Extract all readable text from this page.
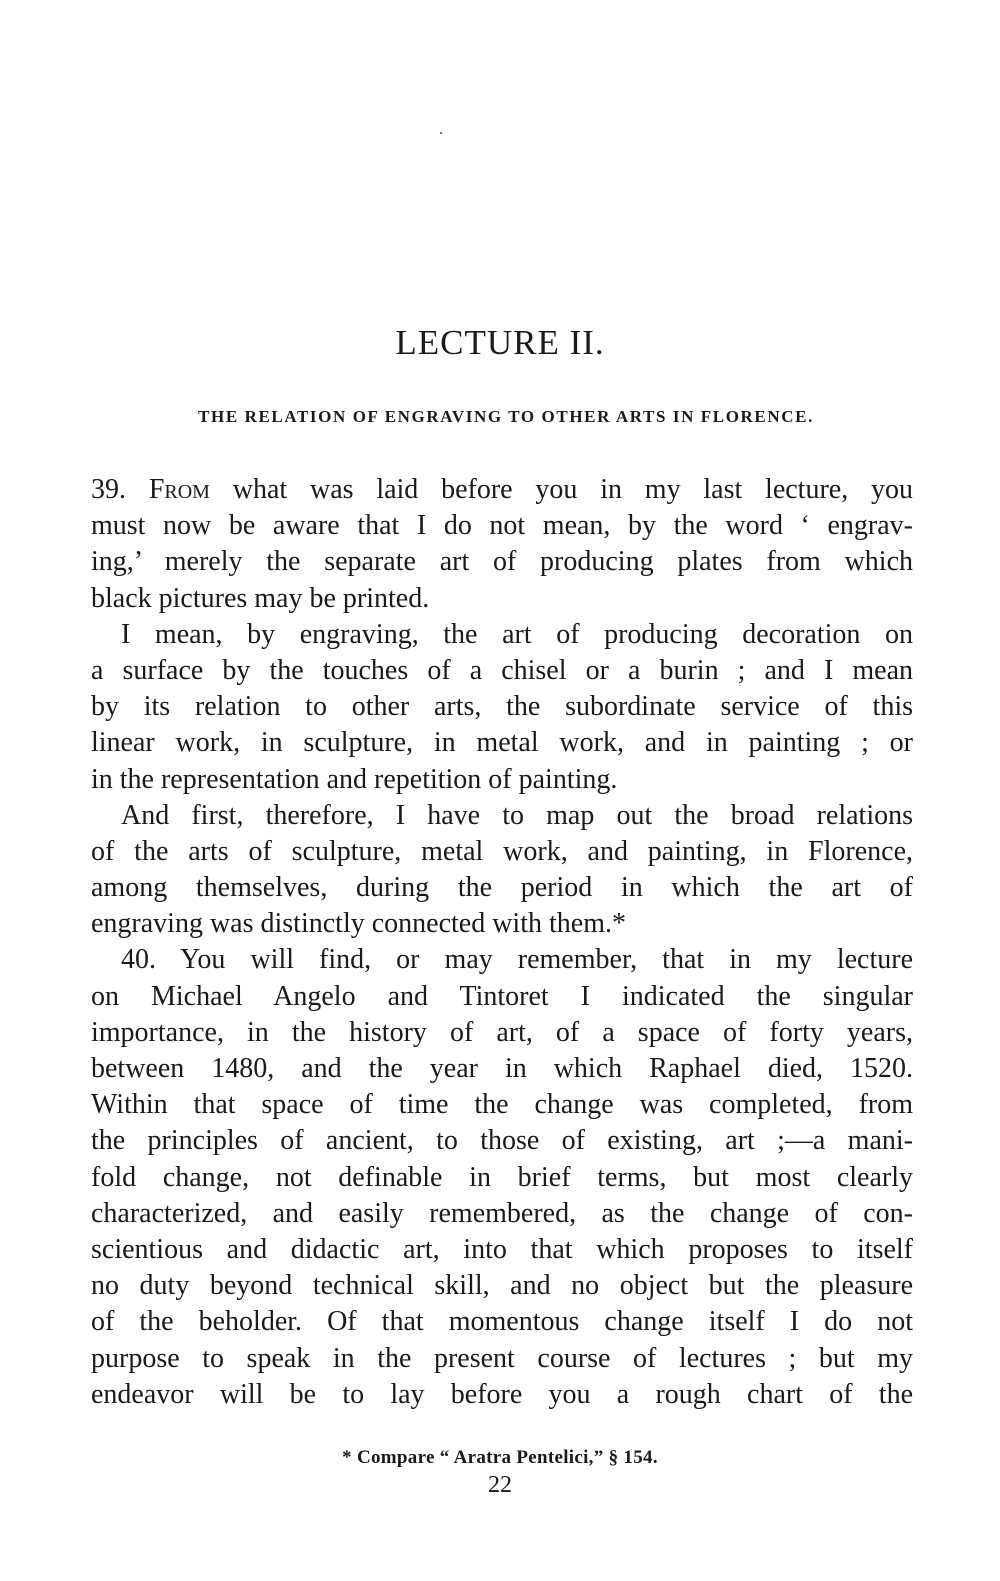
LECTURE II.
THE RELATION OF ENGRAVING TO OTHER ARTS IN FLORENCE.
39. From what was laid before you in my last lecture, you
must now be aware that I do not mean, by the word ‘ engrav-
ing,’ merely the separate art of producing plates from which
black pictures may be printed.
I mean, by engraving, the art of producing decoration on
a surface by the touches of a chisel or a burin ; and I mean
by its relation to other arts, the subordinate service of this
linear work, in sculpture, in metal work, and in painting ; or
in the representation and repetition of painting.
And first, therefore, I have to map out the broad relations
of the arts of sculpture, metal work, and painting, in Florence,
among themselves, during the period in which the art of
engraving was distinctly connected with them.*
40. You will find, or may remember, that in my lecture
on Michael Angelo and Tintoret I indicated the singular
importance, in the history of art, of a space of forty years,
between 1480, and the year in which Raphael died, 1520.
Within that space of time the change was completed, from
the principles of ancient, to those of existing, art ;—a mani-
fold change, not definable in brief terms, but most clearly
characterized, and easily remembered, as the change of con-
scientious and didactic art, into that which proposes to itself
no duty beyond technical skill, and no object but the pleasure
of the beholder. Of that momentous change itself I do not
purpose to speak in the present course of lectures ; but my
endeavor will be to lay before you a rough chart of the
* Compare “ Aratra Pentelici,” § 154.
22
